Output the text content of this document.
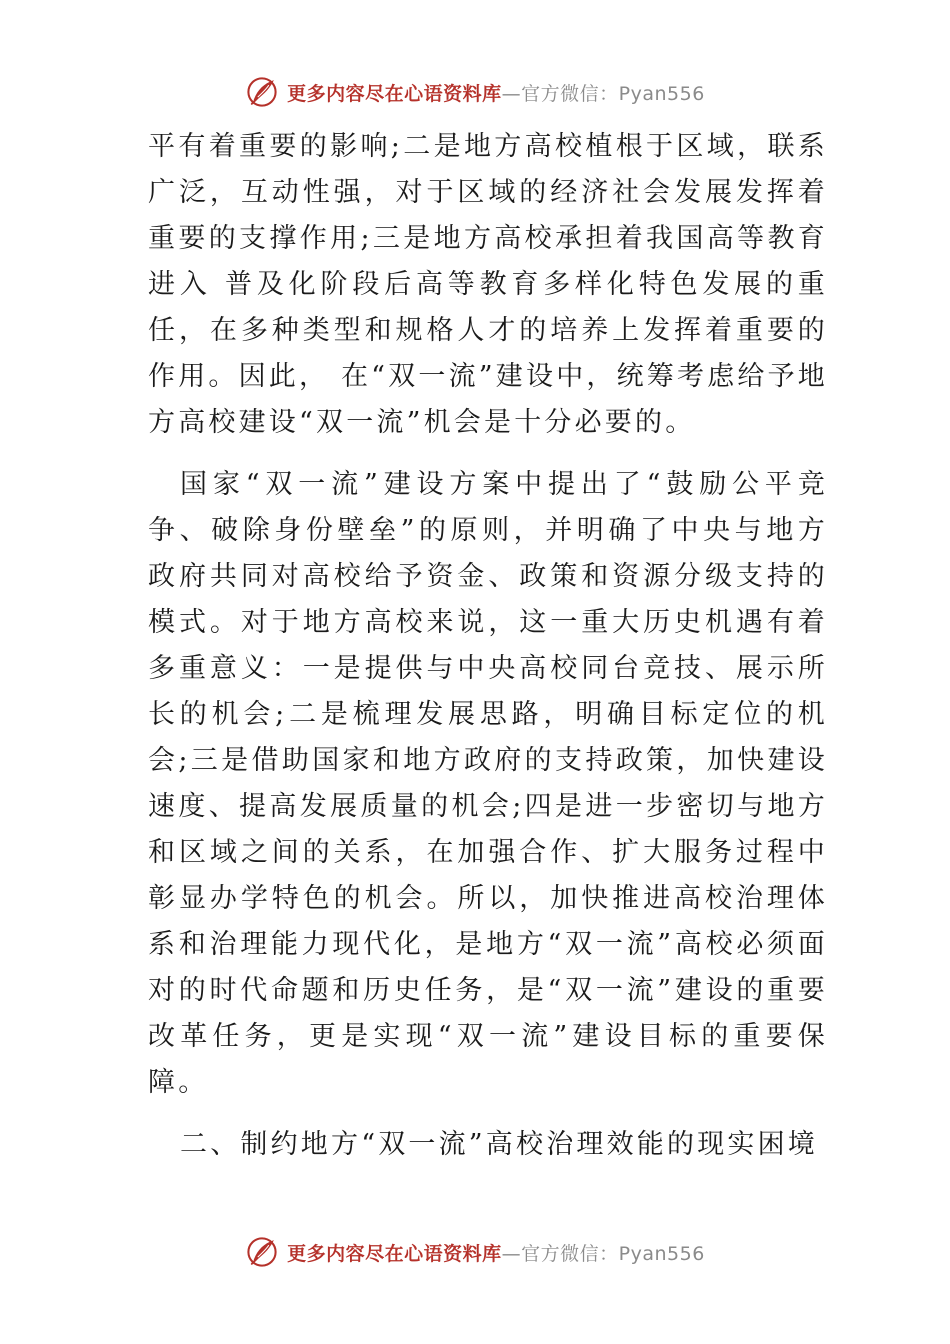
更多内容尽在心语资料库—官方微信：Pyan556

平有着重要的影响;二是地方高校植根于区域，联系广泛，互动性强，对于区域的经济社会发展发挥着重要的支撑作用;三是地方高校承担着我国高等教育进入 普及化阶段后高等教育多样化特色发展的重任，在多种类型和规格人才的培养上发挥着重要的作用。因此， 在“双一流”建设中，统筹考虑给予地方高校建设“双一流”机会是十分必要的。

国家“双一流”建设方案中提出了“鼓励公平竞争、破除身份壁垒”的原则，并明确了中央与地方政府共同对高校给予资金、政策和资源分级支持的模式。对于地方高校来说，这一重大历史机遇有着多重意义：一是提供与中央高校同台竞技、展示所长的机会;二是梳理发展思路，明确目标定位的机会;三是借助国家和地方政府的支持政策，加快建设速度、提高发展质量的机会;四是进一步密切与地方和区域之间的关系，在加强合作、扩大服务过程中彰显办学特色的机会。所以，加快推进高校治理体系和治理能力现代化，是地方“双一流”高校必须面对的时代命题和历史任务，是“双一流”建设的重要改革任务，更是实现“双一流”建设目标的重要保障。

二、制约地方“双一流”高校治理效能的现实困境

更多内容尽在心语资料库—官方微信：Pyan556
